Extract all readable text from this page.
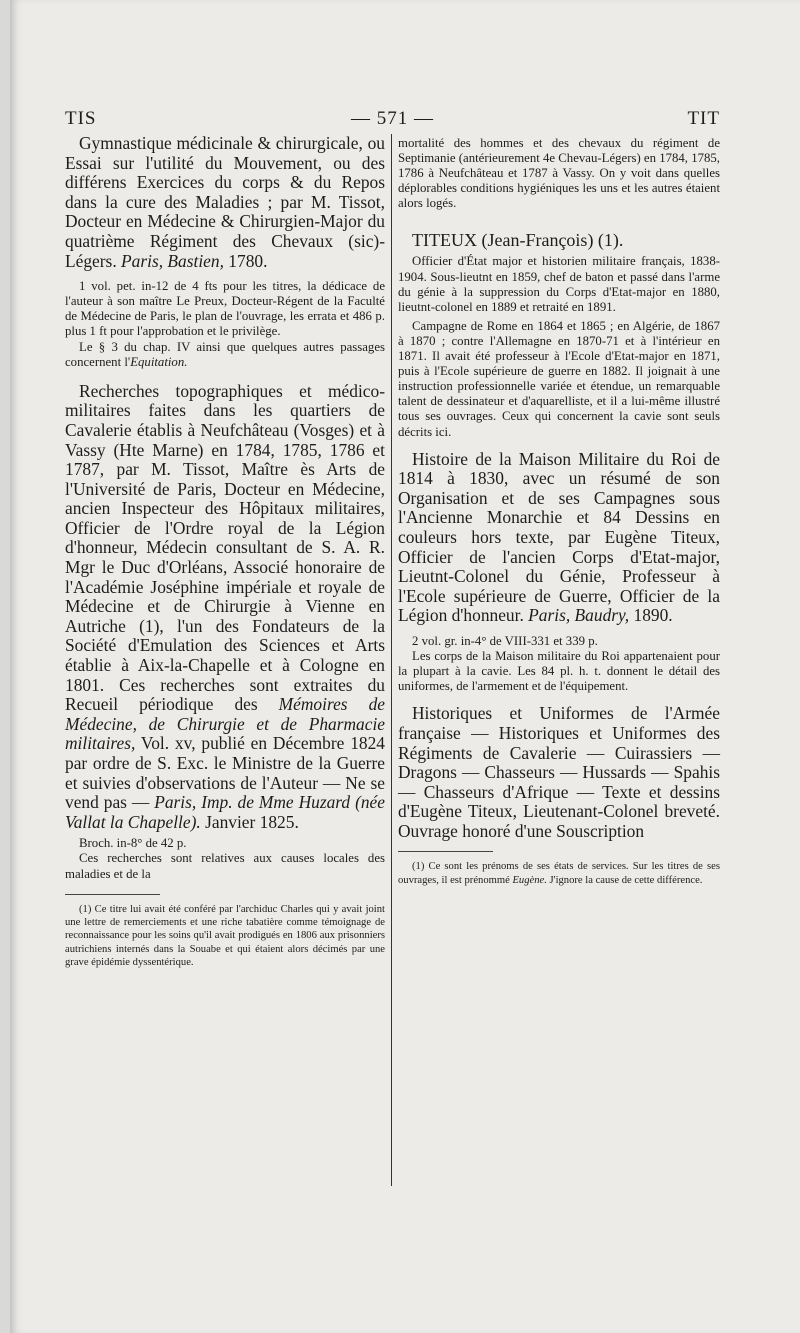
TIS	— 571 —	TIT

Gymnastique médicinale & chirurgicale, ou Essai sur l'utilité du Mouvement, ou des différens Exercices du corps & du Repos dans la cure des Maladies ; par M. Tissot, Docteur en Médecine & Chirurgien-Major du quatrième Régiment des Chevaux (sic)-Légers. Paris, Bastien, 1780.

1 vol. pet. in-12 de 4 fts pour les titres, la dédicace de l'auteur à son maître Le Preux, Docteur-Régent de la Faculté de Médecine de Paris, le plan de l'ouvrage, les errata et 486 p. plus 1 ft pour l'approbation et le privilège.

Le § 3 du chap. IV ainsi que quelques autres passages concernent l'Equitation.

Recherches topographiques et médico-militaires faites dans les quartiers de Cavalerie établis à Neufchâteau (Vosges) et à Vassy (Hte Marne) en 1784, 1785, 1786 et 1787, par M. Tissot, Maître ès Arts de l'Université de Paris, Docteur en Médecine, ancien Inspecteur des Hôpitaux militaires, Officier de l'Ordre royal de la Légion d'honneur, Médecin consultant de S. A. R. Mgr le Duc d'Orléans, Associé honoraire de l'Académie Joséphine impériale et royale de Médecine et de Chirurgie à Vienne en Autriche (1), l'un des Fondateurs de la Société d'Emulation des Sciences et Arts établie à Aix-la-Chapelle et à Cologne en 1801. Ces recherches sont extraites du Recueil périodique des Mémoires de Médecine, de Chirurgie et de Pharmacie militaires, Vol. xv, publié en Décembre 1824 par ordre de S. Exc. le Ministre de la Guerre et suivies d'observations de l'Auteur — Ne se vend pas — Paris, Imp. de Mme Huzard (née Vallat la Chapelle). Janvier 1825.

Broch. in-8° de 42 p.

Ces recherches sont relatives aux causes locales des maladies et de la

(1) Ce titre lui avait été conféré par l'archiduc Charles qui y avait joint une lettre de remerciements et une riche tabatière comme témoignage de reconnaissance pour les soins qu'il avait prodigués en 1806 aux prisonniers autrichiens internés dans la Souabe et qui étaient alors décimés par une grave épidémie dyssentérique.

mortalité des hommes et des chevaux du régiment de Septimanie (antérieurement 4e Chevau-Légers) en 1784, 1785, 1786 à Neufchâteau et 1787 à Vassy. On y voit dans quelles déplorables conditions hygiéniques les uns et les autres étaient alors logés.

TITEUX (Jean-François) (1).

Officier d'État major et historien militaire français, 1838-1904. Sous-lieutnt en 1859, chef de baton et passé dans l'arme du génie à la suppression du Corps d'Etat-major en 1880, lieutnt-colonel en 1889 et retraité en 1891.

Campagne de Rome en 1864 et 1865 ; en Algérie, de 1867 à 1870 ; contre l'Allemagne en 1870-71 et à l'intérieur en 1871. Il avait été professeur à l'Ecole d'Etat-major en 1871, puis à l'Ecole supérieure de guerre en 1882. Il joignait à une instruction professionnelle variée et étendue, un remarquable talent de dessinateur et d'aquarelliste, et il a lui-même illustré tous ses ouvrages. Ceux qui concernent la cavie sont seuls décrits ici.

Histoire de la Maison Militaire du Roi de 1814 à 1830, avec un résumé de son Organisation et de ses Campagnes sous l'Ancienne Monarchie et 84 Dessins en couleurs hors texte, par Eugène Titeux, Officier de l'ancien Corps d'Etat-major, Lieutnt-Colonel du Génie, Professeur à l'Ecole supérieure de Guerre, Officier de la Légion d'honneur. Paris, Baudry, 1890.

2 vol. gr. in-4° de VIII-331 et 339 p.

Les corps de la Maison militaire du Roi appartenaient pour la plupart à la cavie. Les 84 pl. h. t. donnent le détail des uniformes, de l'armement et de l'équipement.

Historiques et Uniformes de l'Armée française — Historiques et Uniformes des Régiments de Cavalerie — Cuirassiers — Dragons — Chasseurs — Hussards — Spahis — Chasseurs d'Afrique — Texte et dessins d'Eugène Titeux, Lieutenant-Colonel breveté. Ouvrage honoré d'une Souscription

(1) Ce sont les prénoms de ses états de services. Sur les titres de ses ouvrages, il est prénommé Eugène. J'ignore la cause de cette différence.
